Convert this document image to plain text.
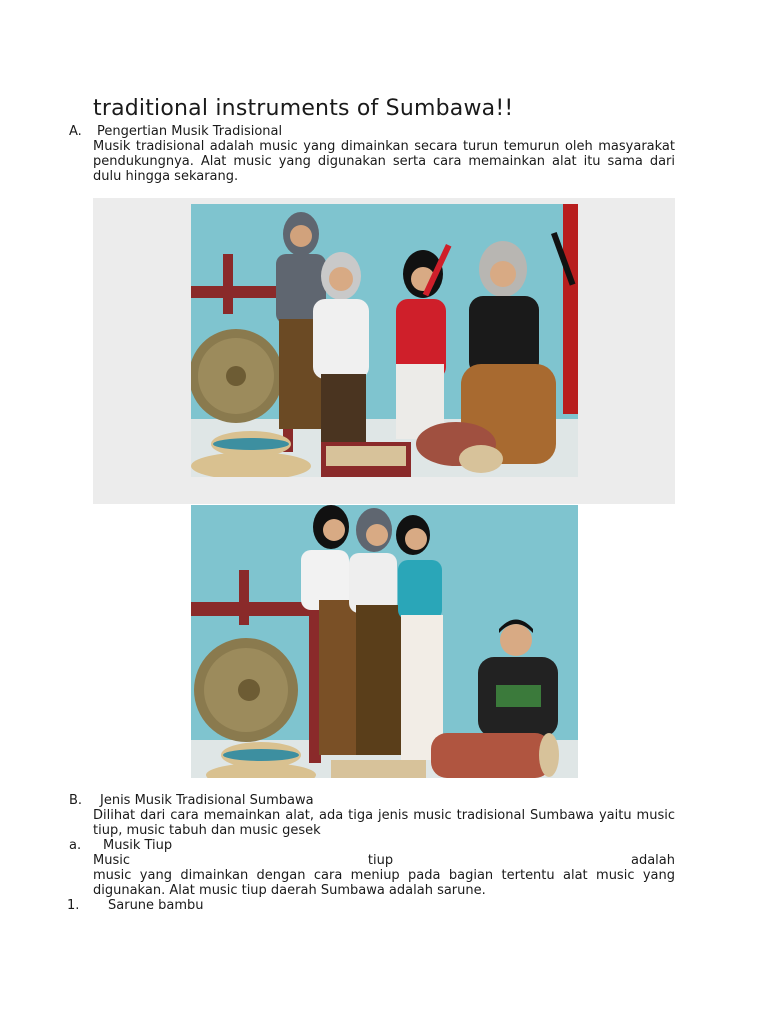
traditional instruments of Sumbawa!!
A. Pengertian Musik Tradisional
Musik tradisional adalah music yang dimainkan secara turun temurun oleh masyarakat pendukungnya. Alat music yang digunakan serta cara memainkan alat itu sama dari dulu hingga sekarang.
B. Jenis Musik Tradisional Sumbawa
Dilihat dari cara memainkan alat, ada tiga jenis music tradisional Sumbawa yaitu music tiup, music tabuh dan music gesek
a. Musik Tiup
Music	tiup	adalah
music yang dimainkan dengan cara meniup pada bagian tertentu alat music yang digunakan. Alat music tiup daerah Sumbawa adalah sarune.
1. Sarune bambu
